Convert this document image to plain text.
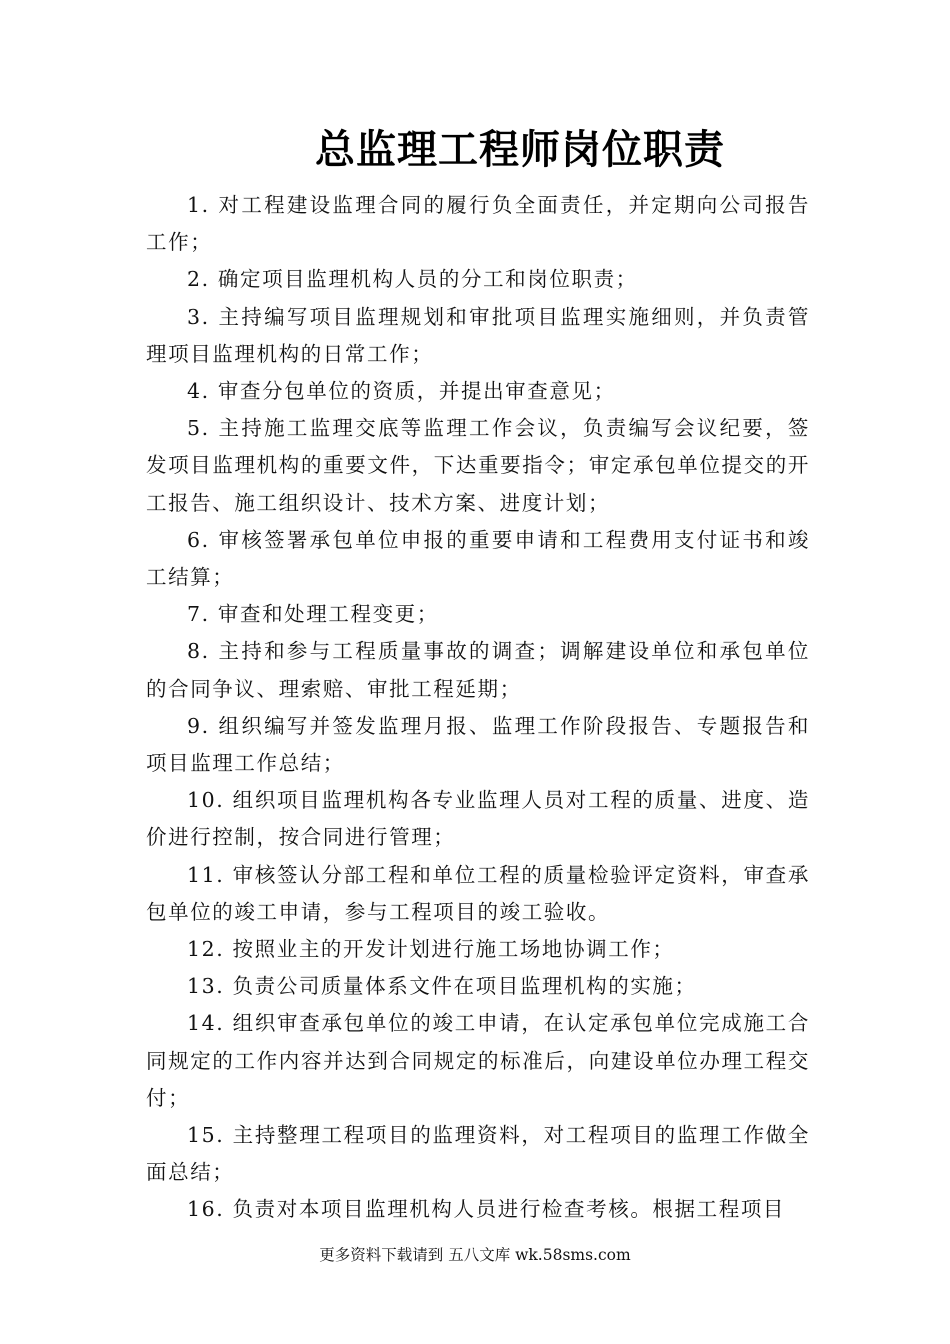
总监理工程师岗位职责

1. 对工程建设监理合同的履行负全面责任，并定期向公司报告工作；

2. 确定项目监理机构人员的分工和岗位职责；

3. 主持编写项目监理规划和审批项目监理实施细则，并负责管理项目监理机构的日常工作；

4. 审查分包单位的资质，并提出审查意见；

5. 主持施工监理交底等监理工作会议，负责编写会议纪要，签发项目监理机构的重要文件，下达重要指令；审定承包单位提交的开工报告、施工组织设计、技术方案、进度计划；

6. 审核签署承包单位申报的重要申请和工程费用支付证书和竣工结算；

7. 审查和处理工程变更；

8. 主持和参与工程质量事故的调查；调解建设单位和承包单位的合同争议、理索赔、审批工程延期；

9. 组织编写并签发监理月报、监理工作阶段报告、专题报告和项目监理工作总结；

10. 组织项目监理机构各专业监理人员对工程的质量、进度、造价进行控制，按合同进行管理；

11. 审核签认分部工程和单位工程的质量检验评定资料，审查承包单位的竣工申请，参与工程项目的竣工验收。

12. 按照业主的开发计划进行施工场地协调工作；

13. 负责公司质量体系文件在项目监理机构的实施；

14. 组织审查承包单位的竣工申请，在认定承包单位完成施工合同规定的工作内容并达到合同规定的标准后，向建设单位办理工程交付；

15. 主持整理工程项目的监理资料，对工程项目的监理工作做全面总结；

16. 负责对本项目监理机构人员进行检查考核。根据工程项目

更多资料下载请到 五八文库 wk.58sms.com
